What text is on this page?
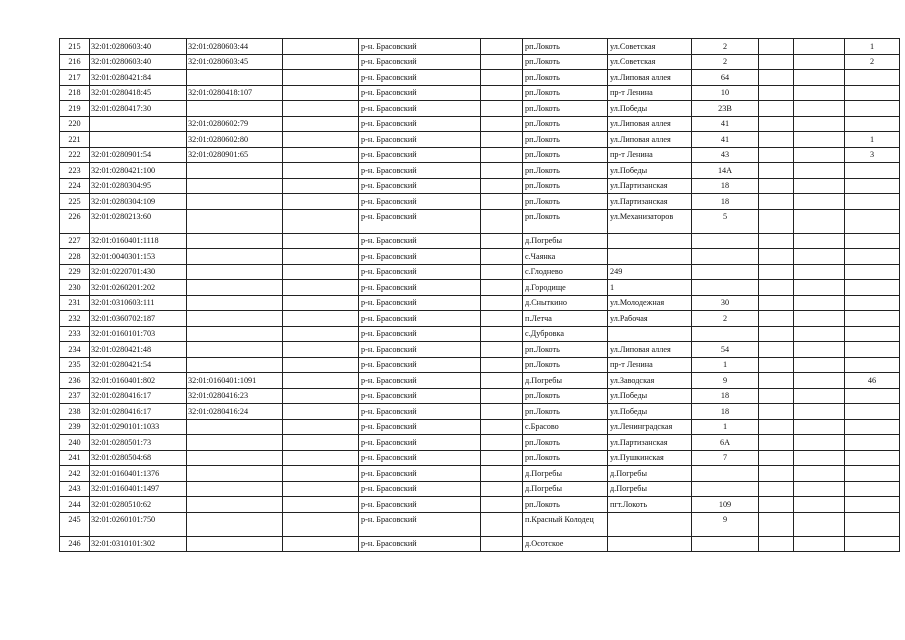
215	32:01:0280603:40	32:01:0280603:44		р-н. Брасовский		рп.Локоть	ул.Советская	2			1
216	32:01:0280603:40	32:01:0280603:45		р-н. Брасовский		рп.Локоть	ул.Советская	2			2
217	32:01:0280421:84			р-н. Брасовский		рп.Локоть	ул.Липовая аллея	64			
218	32:01:0280418:45	32:01:0280418:107		р-н. Брасовский		рп.Локоть	пр-т Ленина	10			
219	32:01:0280417:30			р-н. Брасовский		рп.Локоть	ул.Победы	23В			
220		32:01:0280602:79		р-н. Брасовский		рп.Локоть	ул.Липовая аллея	41			
221		32:01:0280602:80		р-н. Брасовский		рп.Локоть	ул.Липовая аллея	41			1
222	32:01:0280901:54	32:01:0280901:65		р-н. Брасовский		рп.Локоть	пр-т Ленина	43			3
223	32:01:0280421:100			р-н. Брасовский		рп.Локоть	ул.Победы	14А			
224	32:01:0280304:95			р-н. Брасовский		рп.Локоть	ул.Партизанская	18			
225	32:01:0280304:109			р-н. Брасовский		рп.Локоть	ул.Партизанская	18			
226	32:01:0280213:60			р-н. Брасовский		рп.Локоть	ул.Механизаторов	5			
227	32:01:0160401:1118			р-н. Брасовский		д.Погребы					
228	32:01:0040301:153			р-н. Брасовский		с.Чаянка					
229	32:01:0220701:430			р-н. Брасовский		с.Глоднево	249				
230	32:01:0260201:202			р-н. Брасовский		д.Городище	1				
231	32:01:0310603:111			р-н. Брасовский		д.Сныткино	ул.Молодежная	30			
232	32:01:0360702:187			р-н. Брасовский		п.Летча	ул.Рабочая	2			
233	32:01:0160101:703			р-н. Брасовский		с.Дубровка					
234	32:01:0280421:48			р-н. Брасовский		рп.Локоть	ул.Липовая аллея	54			
235	32:01:0280421:54			р-н. Брасовский		рп.Локоть	пр-т Ленина	1			
236	32:01:0160401:802	32:01:0160401:1091		р-н. Брасовский		д.Погребы	ул.Заводская	9			46
237	32:01:0280416:17	32:01:0280416:23		р-н. Брасовский		рп.Локоть	ул.Победы	18			
238	32:01:0280416:17	32:01:0280416:24		р-н. Брасовский		рп.Локоть	ул.Победы	18			
239	32:01:0290101:1033			р-н. Брасовский		с.Брасово	ул.Ленинградская	1			
240	32:01:0280501:73			р-н. Брасовский		рп.Локоть	ул.Партизанская	6А			
241	32:01:0280504:68			р-н. Брасовский		рп.Локоть	ул.Пушкинская	7			
242	32:01:0160401:1376			р-н. Брасовский		д.Погребы	д.Погребы				
243	32:01:0160401:1497			р-н. Брасовский		д.Погребы	д.Погребы				
244	32:01:0280510:62			р-н. Брасовский		рп.Локоть	пгт.Локоть	109			
245	32:01:0260101:750			р-н. Брасовский		п.Красный Колодец		9			
246	32:01:0310101:302			р-н. Брасовский		д.Осотское					
